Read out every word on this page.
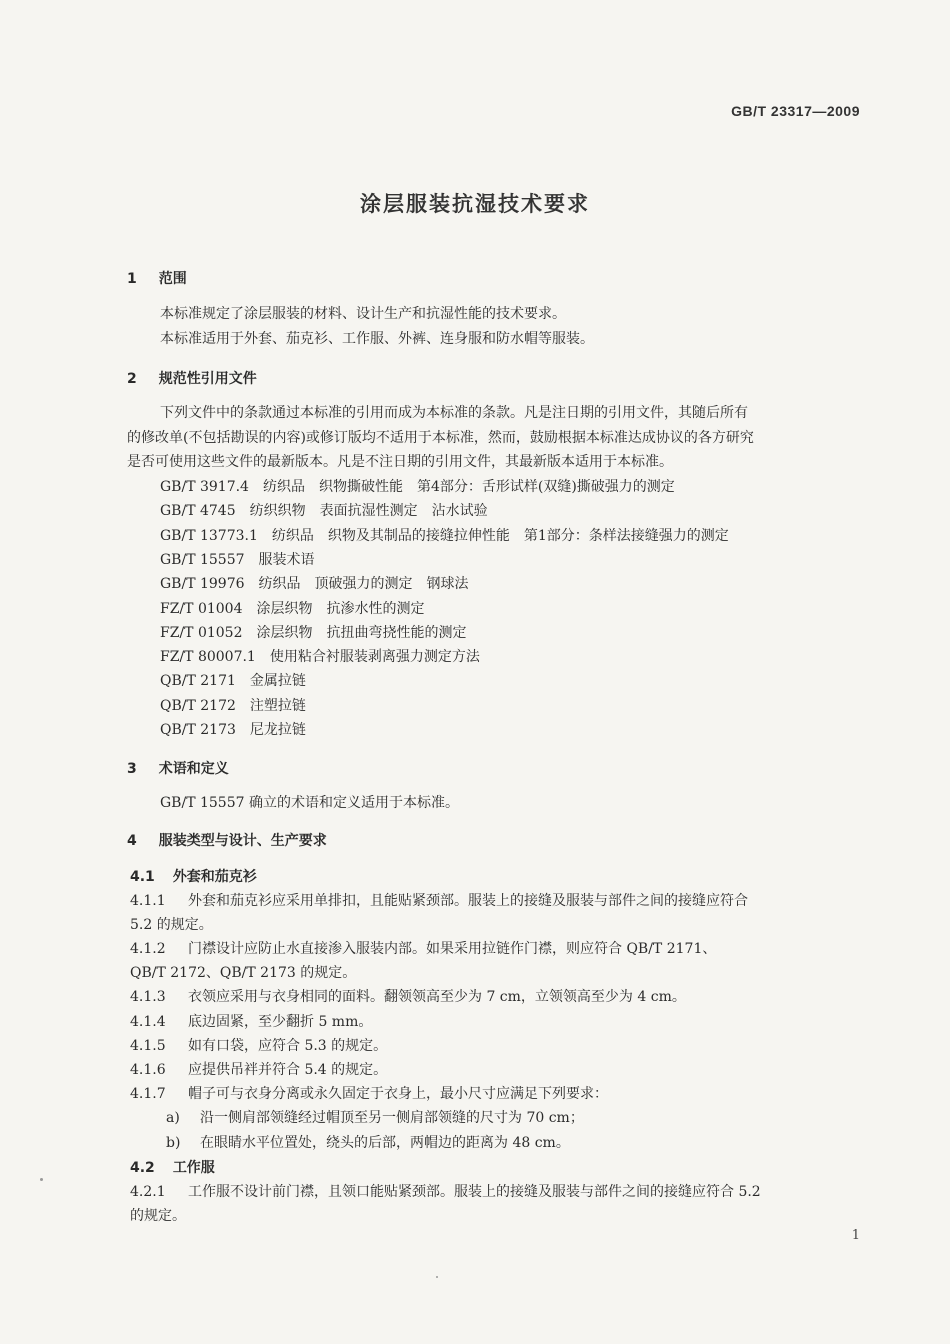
GB/T 23317—2009
涂层服装抗湿技术要求
1 范围
本标准规定了涂层服装的材料、设计生产和抗湿性能的技术要求。
本标准适用于外套、茄克衫、工作服、外裤、连身服和防水帽等服装。
2 规范性引用文件
下列文件中的条款通过本标准的引用而成为本标准的条款。凡是注日期的引用文件，其随后所有
的修改单(不包括勘误的内容)或修订版均不适用于本标准，然而，鼓励根据本标准达成协议的各方研究
是否可使用这些文件的最新版本。凡是不注日期的引用文件，其最新版本适用于本标准。
GB/T 3917.4 纺织品　织物撕破性能　第4部分：舌形试样(双缝)撕破强力的测定
GB/T 4745 纺织织物　表面抗湿性测定　沾水试验
GB/T 13773.1 纺织品　织物及其制品的接缝拉伸性能　第1部分：条样法接缝强力的测定
GB/T 15557 服装术语
GB/T 19976 纺织品　顶破强力的测定　钢球法
FZ/T 01004 涂层织物　抗渗水性的测定
FZ/T 01052 涂层织物　抗扭曲弯挠性能的测定
FZ/T 80007.1 使用粘合衬服装剥离强力测定方法
QB/T 2171 金属拉链
QB/T 2172 注塑拉链
QB/T 2173 尼龙拉链
3 术语和定义
GB/T 15557 确立的术语和定义适用于本标准。
4 服装类型与设计、生产要求
4.1 外套和茄克衫
4.1.1 外套和茄克衫应采用单排扣，且能贴紧颈部。服装上的接缝及服装与部件之间的接缝应符合
5.2 的规定。
4.1.2 门襟设计应防止水直接渗入服装内部。如果采用拉链作门襟，则应符合 QB/T 2171、
QB/T 2172、QB/T 2173 的规定。
4.1.3 衣领应采用与衣身相同的面料。翻领领高至少为 7 cm，立领领高至少为 4 cm。
4.1.4 底边固紧，至少翻折 5 mm。
4.1.5 如有口袋，应符合 5.3 的规定。
4.1.6 应提供吊袢并符合 5.4 的规定。
4.1.7 帽子可与衣身分离或永久固定于衣身上，最小尺寸应满足下列要求：
a) 沿一侧肩部领缝经过帽顶至另一侧肩部领缝的尺寸为 70 cm；
b) 在眼睛水平位置处，绕头的后部，两帽边的距离为 48 cm。
4.2 工作服
4.2.1 工作服不设计前门襟，且领口能贴紧颈部。服装上的接缝及服装与部件之间的接缝应符合 5.2
的规定。
1
